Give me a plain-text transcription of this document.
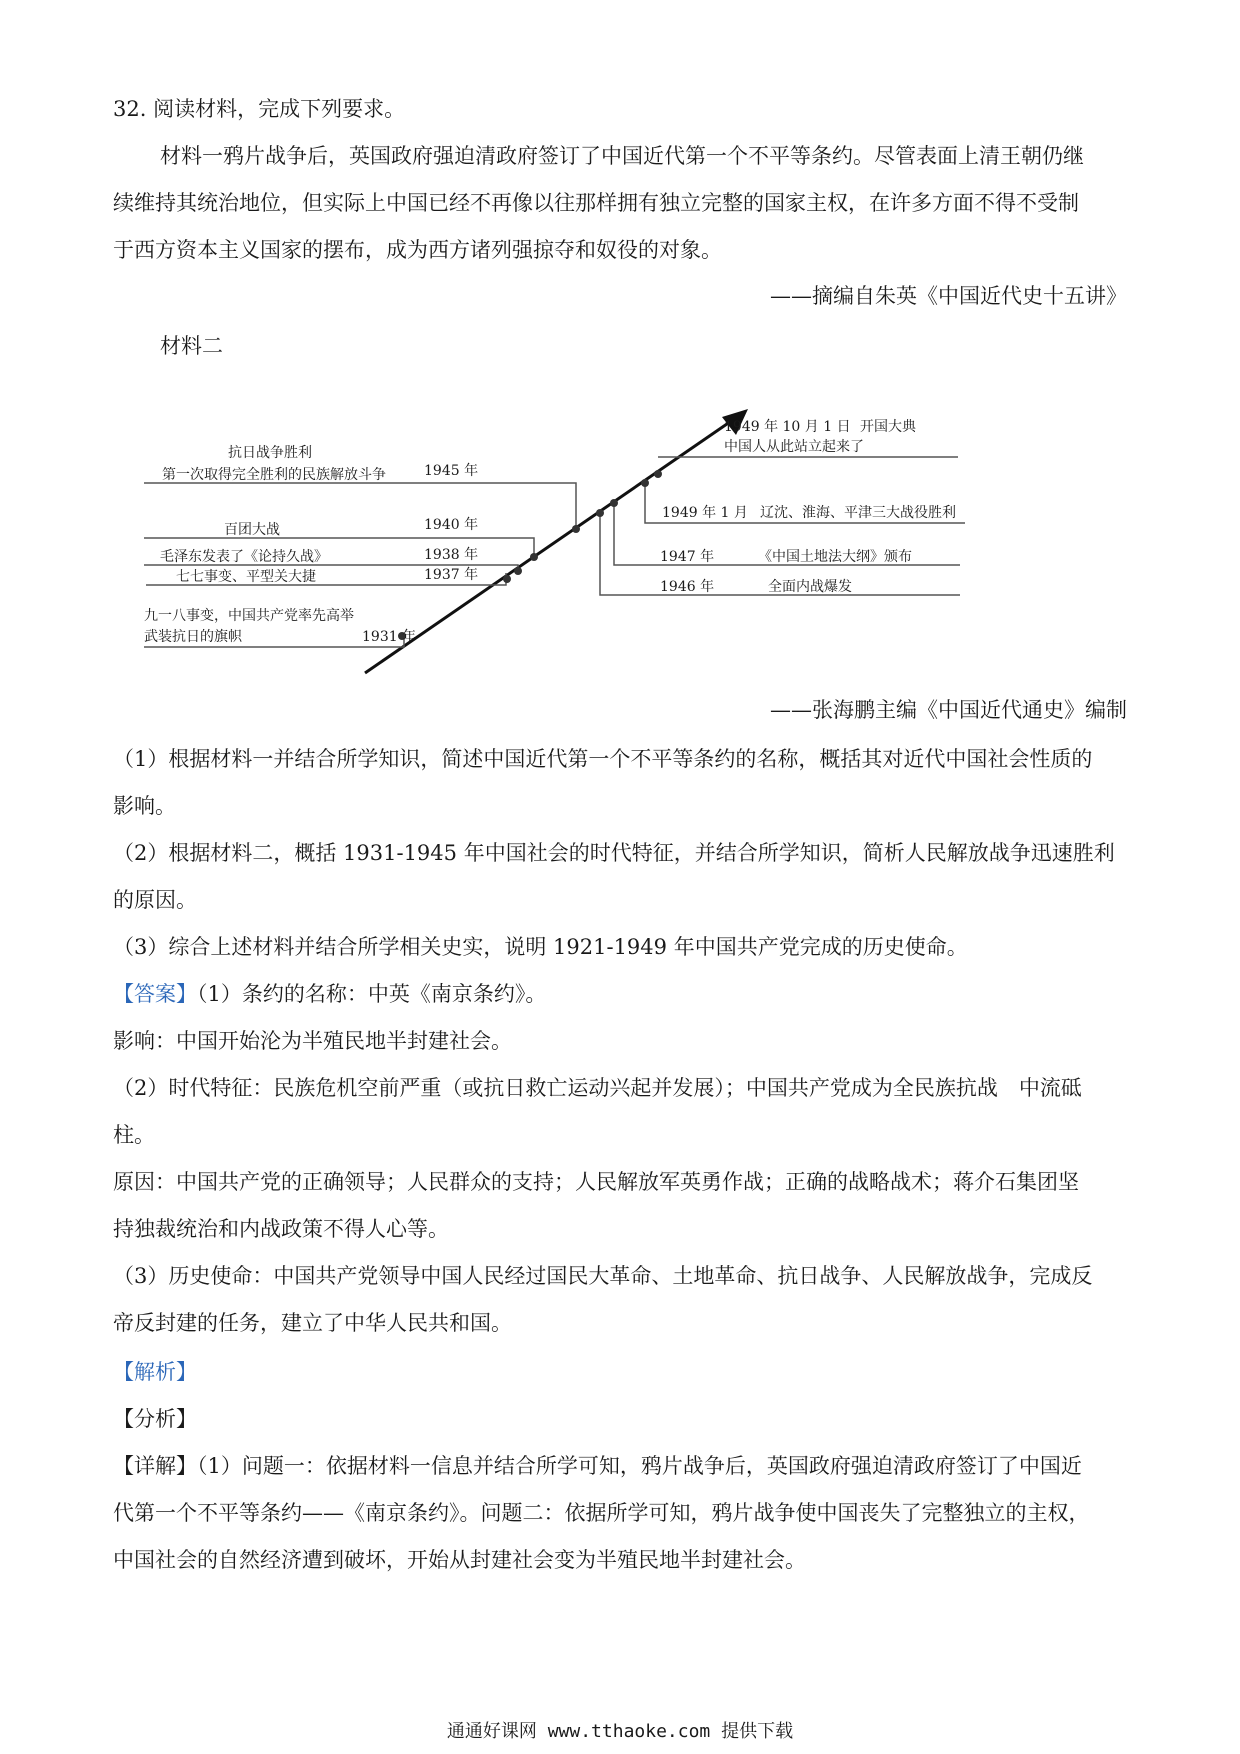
32. 阅读材料，完成下列要求。
材料一鸦片战争后，英国政府强迫清政府签订了中国近代第一个不平等条约。尽管表面上清王朝仍继
续维持其统治地位，但实际上中国已经不再像以往那样拥有独立完整的国家主权，在许多方面不得不受制
于西方资本主义国家的摆布，成为西方诸列强掠夺和奴役的对象。
——摘编自朱英《中国近代史十五讲》
材料二
九一八事变，中国共产党率先高举
武装抗日的旗帜	1931 年
七七事变、平型关大捷	1937 年
毛泽东发表了《论持久战》	1938 年
百团大战	1940 年
抗日战争胜利
第一次取得完全胜利的民族解放斗争	1945 年
1946 年	全面内战爆发
1947 年	《中国土地法大纲》颁布
1949 年 1 月 辽沈、淮海、平津三大战役胜利
1949 年 10 月 1 日 开国大典
中国人从此站立起来了
——张海鹏主编《中国近代通史》编制
（1）根据材料一并结合所学知识，简述中国近代第一个不平等条约的名称，概括其对近代中国社会性质的
影响。
（2）根据材料二，概括 1931-1945 年中国社会的时代特征，并结合所学知识，简析人民解放战争迅速胜利
的原因。
（3）综合上述材料并结合所学相关史实，说明 1921-1949 年中国共产党完成的历史使命。
【答案】（1）条约的名称：中英《南京条约》。
影响：中国开始沦为半殖民地半封建社会。
（2）时代特征：民族危机空前严重（或抗日救亡运动兴起并发展）；中国共产党成为全民族抗战　中流砥
柱。
原因：中国共产党的正确领导；人民群众的支持；人民解放军英勇作战；正确的战略战术；蒋介石集团坚
持独裁统治和内战政策不得人心等。
（3）历史使命：中国共产党领导中国人民经过国民大革命、土地革命、抗日战争、人民解放战争，完成反
帝反封建的任务，建立了中华人民共和国。
【解析】
【分析】
【详解】（1）问题一：依据材料一信息并结合所学可知，鸦片战争后，英国政府强迫清政府签订了中国近
代第一个不平等条约——《南京条约》。问题二：依据所学可知，鸦片战争使中国丧失了完整独立的主权，
中国社会的自然经济遭到破坏，开始从封建社会变为半殖民地半封建社会。
通通好课网 www.tthaoke.com 提供下载
